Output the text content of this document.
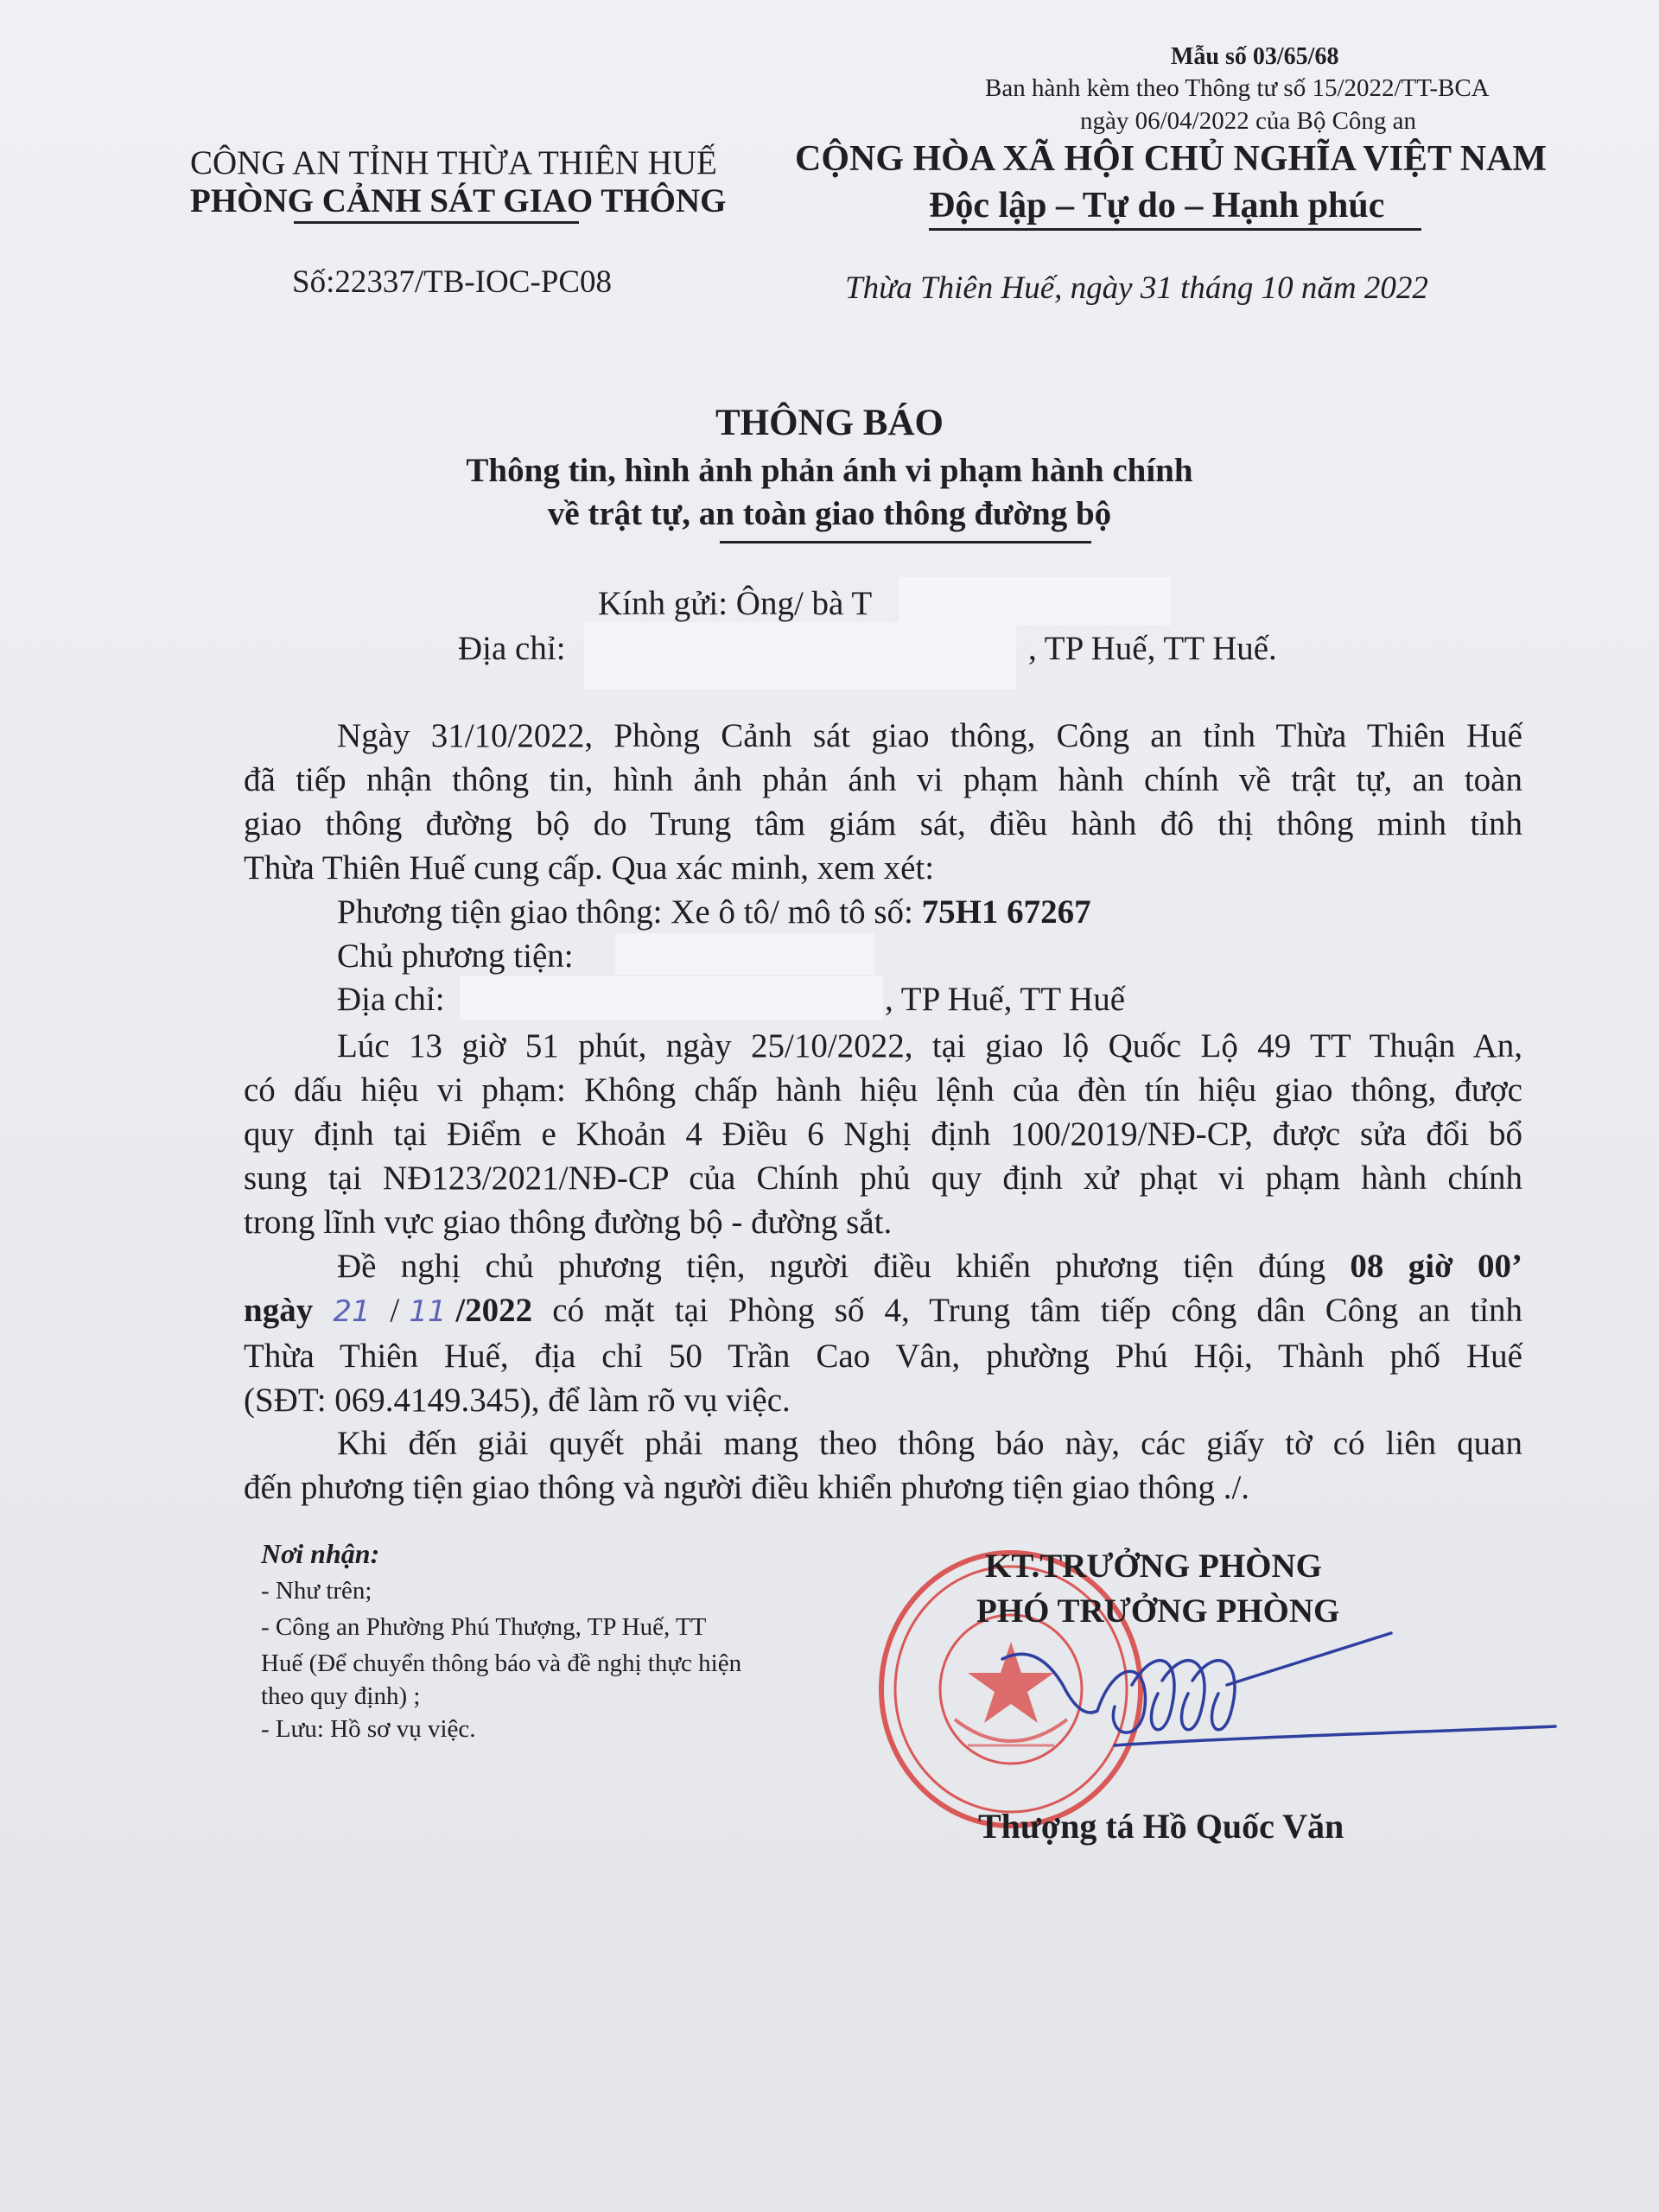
Mẫu số 03/65/68
Ban hành kèm theo Thông tư số 15/2022/TT-BCA
ngày 06/04/2022 của Bộ Công an
CÔNG AN TỈNH THỪA THIÊN HUẾ
PHÒNG CẢNH SÁT GIAO THÔNG
CỘNG HÒA XÃ HỘI CHỦ NGHĨA VIỆT NAM
Độc lập – Tự do – Hạnh phúc
Số:22337/TB-IOC-PC08	Thừa Thiên Huế, ngày 31 tháng 10 năm 2022
THÔNG BÁO
Thông tin, hình ảnh phản ánh vi phạm hành chính
về trật tự, an toàn giao thông đường bộ
Kính gửi: Ông/ bà T
Địa chỉ:	, TP Huế, TT Huế.
Ngày 31/10/2022, Phòng Cảnh sát giao thông, Công an tỉnh Thừa Thiên Huế
đã tiếp nhận thông tin, hình ảnh phản ánh vi phạm hành chính về trật tự, an toàn
giao thông đường bộ do Trung tâm giám sát, điều hành đô thị thông minh tỉnh
Thừa Thiên Huế cung cấp. Qua xác minh, xem xét:
Phương tiện giao thông: Xe ô tô/ mô tô số: 75H1 67267
Chủ phương tiện:
Địa chỉ:	, TP Huế, TT Huế
Lúc 13 giờ 51 phút, ngày 25/10/2022, tại giao lộ Quốc Lộ 49 TT Thuận An,
có dấu hiệu vi phạm: Không chấp hành hiệu lệnh của đèn tín hiệu giao thông, được
quy định tại Điểm e Khoản 4 Điều 6 Nghị định 100/2019/NĐ-CP, được sửa đổi bổ
sung tại NĐ123/2021/NĐ-CP của Chính phủ quy định xử phạt vi phạm hành chính
trong lĩnh vực giao thông đường bộ - đường sắt.
Đề nghị chủ phương tiện, người điều khiển phương tiện đúng 08 giờ 00’
ngày 21 / 11 /2022 có mặt tại Phòng số 4, Trung tâm tiếp công dân Công an tỉnh
Thừa Thiên Huế, địa chỉ 50 Trần Cao Vân, phường Phú Hội, Thành phố Huế
(SĐT: 069.4149.345), để làm rõ vụ việc.
Khi đến giải quyết phải mang theo thông báo này, các giấy tờ có liên quan
đến phương tiện giao thông và người điều khiển phương tiện giao thông ./.
Nơi nhận:
- Như trên;
- Công an Phường Phú Thượng, TP Huế, TT
Huế (Để chuyển thông báo và đề nghị thực hiện
theo quy định) ;
- Lưu: Hồ sơ vụ việc.
KT.TRƯỞNG PHÒNG
PHÓ TRƯỞNG PHÒNG
Thượng tá Hồ Quốc Văn
